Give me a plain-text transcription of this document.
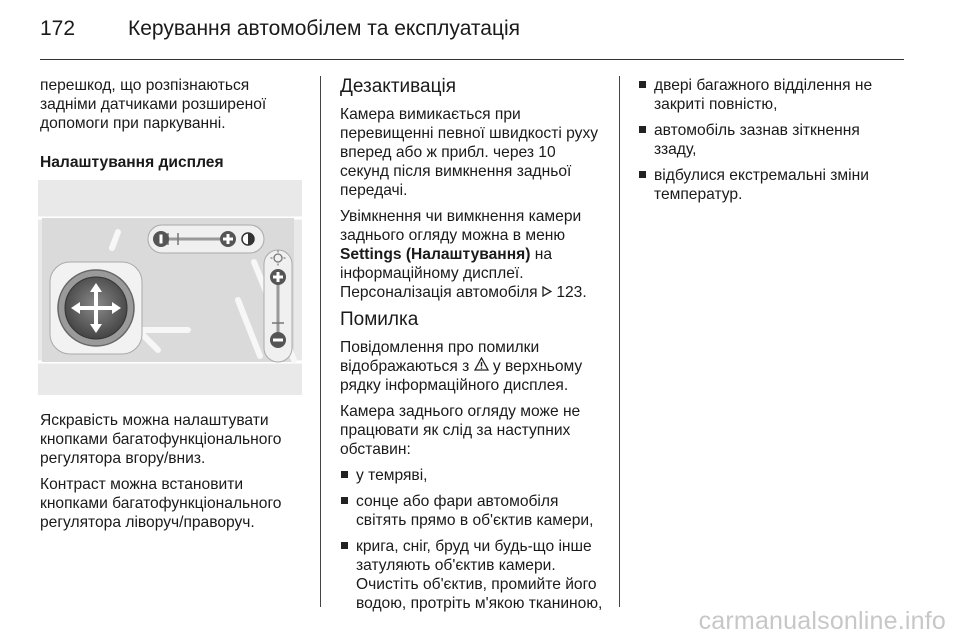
172	Керування автомобілем та експлуатація

перешкод, що розпізнаються задніми датчиками розширеної допомоги при паркуванні.

Налаштування дисплея

Яскравість можна налаштувати кнопками багатофункціонального регулятора вгору/вниз.

Контраст можна встановити кнопками багатофункціонального регулятора ліворуч/праворуч.

Дезактивація

Камера вимикається при перевищенні певної швидкості руху вперед або ж прибл. через 10 секунд після вимкнення задньої передачі.

Увімкнення чи вимкнення камери заднього огляду можна в меню Settings (Налаштування) на інформаційному дисплеї. Персоналізація автомобіля 123.

Помилка

Повідомлення про помилки відображаються з  у верхньому рядку інформаційного дисплея.

Камера заднього огляду може не працювати як слід за наступних обставин:

у темряві,
сонце або фари автомобіля світять прямо в об'єктив камери,
крига, сніг, бруд чи будь-що інше затуляють об'єктив камери. Очистіть об'єктив, промийте його водою, протріть м'якою тканиною,
двері багажного відділення не закриті повністю,
автомобіль зазнав зіткнення ззаду,
відбулися екстремальні зміни температур.
carmanualsonline.info
